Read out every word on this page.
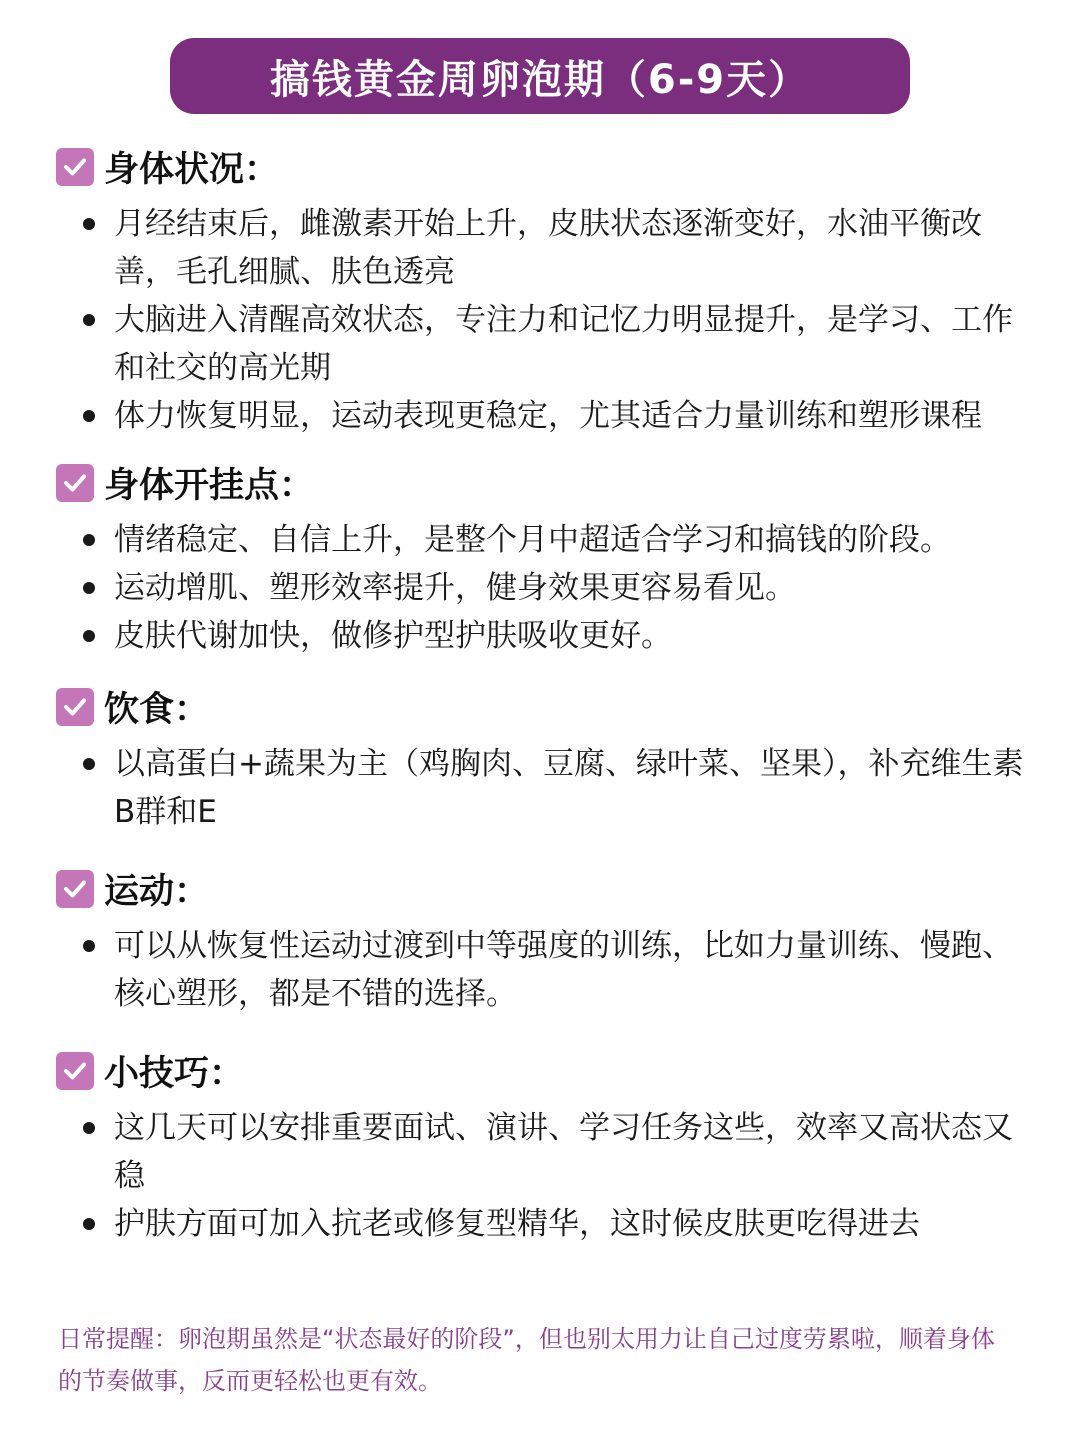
搞钱黄金周卵泡期（6-9天）
身体状况：
月经结束后，雌激素开始上升，皮肤状态逐渐变好，水油平衡改善，毛孔细腻、肤色透亮
大脑进入清醒高效状态，专注力和记忆力明显提升，是学习、工作和社交的高光期
体力恢复明显，运动表现更稳定，尤其适合力量训练和塑形课程
身体开挂点：
情绪稳定、自信上升，是整个月中超适合学习和搞钱的阶段。
运动增肌、塑形效率提升，健身效果更容易看见。
皮肤代谢加快，做修护型护肤吸收更好。
饮食：
以高蛋白+蔬果为主（鸡胸肉、豆腐、绿叶菜、坚果），补充维生素B群和E
运动：
可以从恢复性运动过渡到中等强度的训练，比如力量训练、慢跑、核心塑形，都是不错的选择。
小技巧：
这几天可以安排重要面试、演讲、学习任务这些，效率又高状态又稳
护肤方面可加入抗老或修复型精华，这时候皮肤更吃得进去
日常提醒：卵泡期虽然是“状态最好的阶段”，但也别太用力让自己过度劳累啦，顺着身体的节奏做事，反而更轻松也更有效。
